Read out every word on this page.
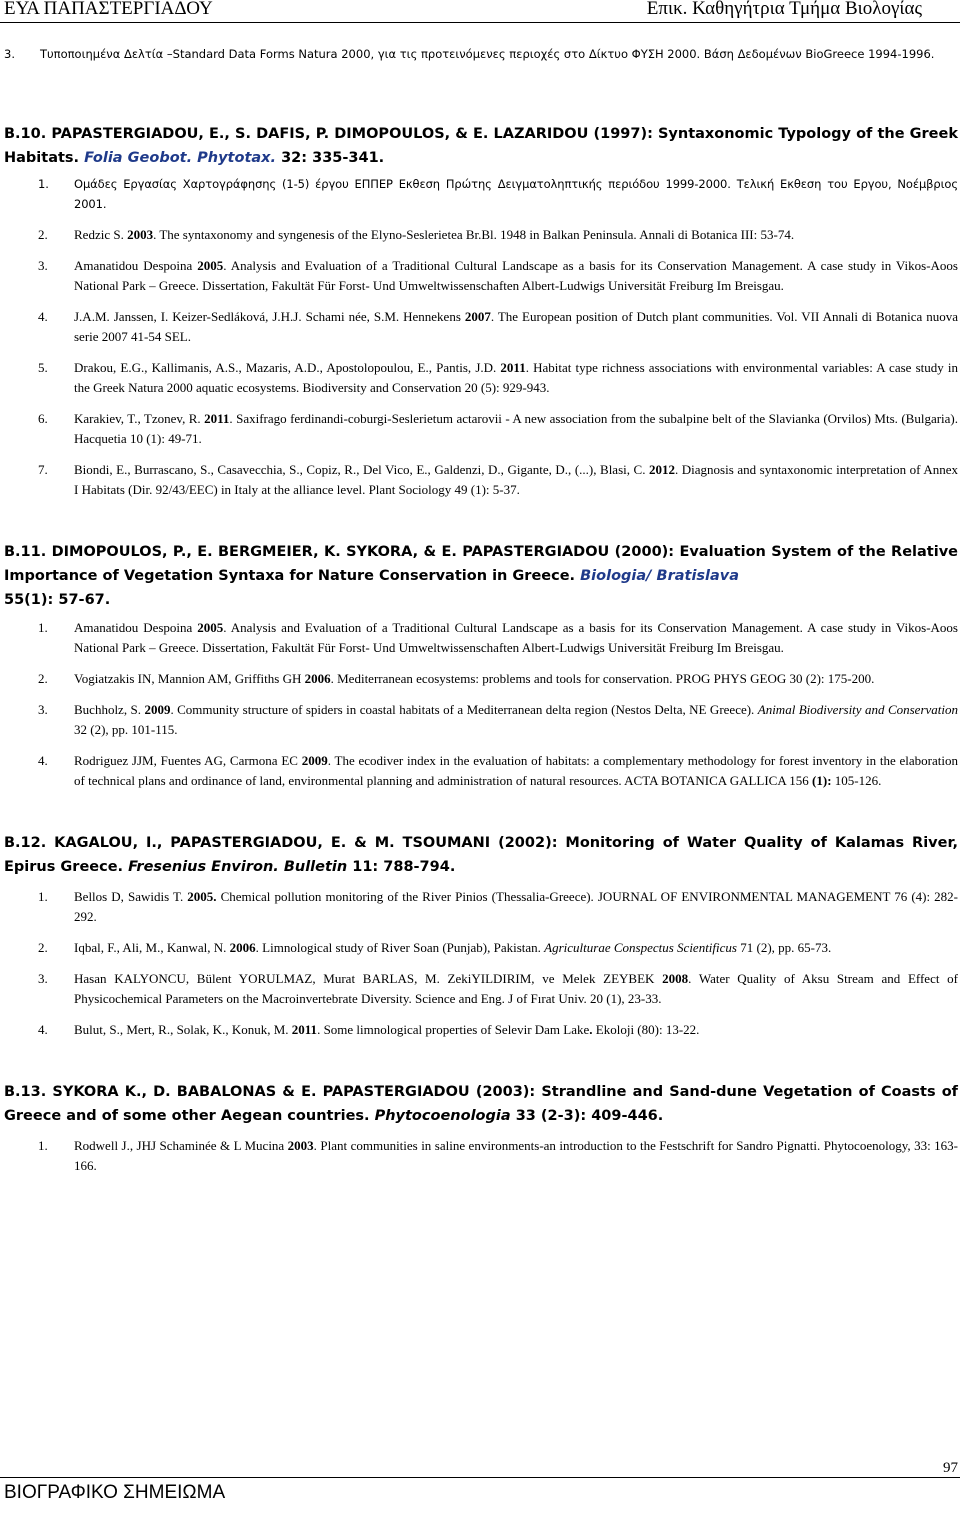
ΕΥΑ ΠΑΠΑΣΤΕΡΓΙΑΔΟΥ	Επικ. Καθηγήτρια Τμήμα Βιολογίας
3. Τυποποιημένα Δελτία –Standard Data Forms Natura 2000, για τις προτεινόμενες περιοχές στο Δίκτυο ΦΥΣΗ 2000. Βάση Δεδομένων BioGreece 1994-1996.
B.10. PAPASTERGIADOU, E., S. DAFIS, P. DIMOPOULOS, & E. LAZARIDOU (1997): Syntaxonomic Typology of the Greek Habitats. Folia Geobot. Phytotax. 32: 335-341.
1. Ομάδες Εργασίας Χαρτογράφησης (1-5) έργου ΕΠΠΕΡ Εκθεση Πρώτης Δειγματοληπτικής περιόδου 1999-2000. Τελική Εκθεση του Εργου, Νοέμβριος 2001.
2. Redzic S. 2003. The syntaxonomy and syngenesis of the Elyno-Seslerietea Br.Bl. 1948 in Balkan Peninsula. Annali di Botanica III: 53-74.
3. Amanatidou Despoina 2005. Analysis and Evaluation of a Traditional Cultural Landscape as a basis for its Conservation Management. A case study in Vikos-Aoos National Park – Greece. Dissertation, Fakultät Für Forst- Und Umweltwissenschaften Albert-Ludwigs Universität Freiburg Im Breisgau.
4. J.A.M. Janssen, I. Keizer-Sedláková, J.H.J. Schami née, S.M. Hennekens 2007. The European position of Dutch plant communities. Vol. VII Annali di Botanica nuova serie 2007 41-54 SEL.
5. Drakou, E.G., Kallimanis, A.S., Mazaris, A.D., Apostolopoulou, E., Pantis, J.D. 2011. Habitat type richness associations with environmental variables: A case study in the Greek Natura 2000 aquatic ecosystems. Biodiversity and Conservation 20 (5): 929-943.
6. Karakiev, T., Tzonev, R. 2011. Saxifrago ferdinandi-coburgi-Seslerietum actarovii - A new association from the subalpine belt of the Slavianka (Orvilos) Mts. (Bulgaria). Hacquetia 10 (1): 49-71.
7. Biondi, E., Burrascano, S., Casavecchia, S., Copiz, R., Del Vico, E., Galdenzi, D., Gigante, D., (...), Blasi, C. 2012. Diagnosis and syntaxonomic interpretation of Annex I Habitats (Dir. 92/43/EEC) in Italy at the alliance level. Plant Sociology 49 (1): 5-37.
B.11. DIMOPOULOS, P., E. BERGMEIER, K. SYKORA, & E. PAPASTERGIADOU (2000): Evaluation System of the Relative Importance of Vegetation Syntaxa for Nature Conservation in Greece. Biologia/ Bratislava
55(1): 57-67.
1. Amanatidou Despoina 2005. Analysis and Evaluation of a Traditional Cultural Landscape as a basis for its Conservation Management. A case study in Vikos-Aoos National Park – Greece. Dissertation, Fakultät Für Forst- Und Umweltwissenschaften Albert-Ludwigs Universität Freiburg Im Breisgau.
2. Vogiatzakis IN, Mannion AM, Griffiths GH 2006. Mediterranean ecosystems: problems and tools for conservation. PROG PHYS GEOG 30 (2): 175-200.
3. Buchholz, S. 2009. Community structure of spiders in coastal habitats of a Mediterranean delta region (Nestos Delta, NE Greece). Animal Biodiversity and Conservation 32 (2), pp. 101-115.
4. Rodriguez JJM, Fuentes AG, Carmona EC 2009. The ecodiver index in the evaluation of habitats: a complementary methodology for forest inventory in the elaboration of technical plans and ordinance of land, environmental planning and administration of natural resources. ACTA BOTANICA GALLICA 156 (1): 105-126.
B.12. KAGALOU, I., PAPASTERGIADOU, E. & M. TSOUMANI (2002): Monitoring of Water Quality of Kalamas River, Epirus Greece. Fresenius Environ. Bulletin 11: 788-794.
1. Bellos D, Sawidis T. 2005. Chemical pollution monitoring of the River Pinios (Thessalia-Greece). JOURNAL OF ENVIRONMENTAL MANAGEMENT 76 (4): 282-292.
2. Iqbal, F., Ali, M., Kanwal, N. 2006. Limnological study of River Soan (Punjab), Pakistan. Agriculturae Conspectus Scientificus 71 (2), pp. 65-73.
3. Hasan KALYONCU, Bülent YORULMAZ, Murat BARLAS, M. ZekiYILDIRIM, ve Melek ZEYBEK 2008. Water Quality of Aksu Stream and Effect of Physicochemical Parameters on the Macroinvertebrate Diversity. Science and Eng. J of Fırat Univ. 20 (1), 23-33.
4. Bulut, S., Mert, R., Solak, K., Konuk, M. 2011. Some limnological properties of Selevir Dam Lake. Ekoloji (80): 13-22.
B.13. SYKORA K., D. BABALONAS & E. PAPASTERGIADOU (2003): Strandline and Sand-dune Vegetation of Coasts of Greece and of some other Aegean countries. Phytocoenologia 33 (2-3): 409-446.
1. Rodwell J., JHJ Schaminée & L Mucina 2003. Plant communities in saline environments-an introduction to the Festschrift for Sandro Pignatti. Phytocoenology, 33: 163-166.
97
ΒΙΟΓΡΑΦΙΚΟ ΣΗΜΕΙΩΜΑ
